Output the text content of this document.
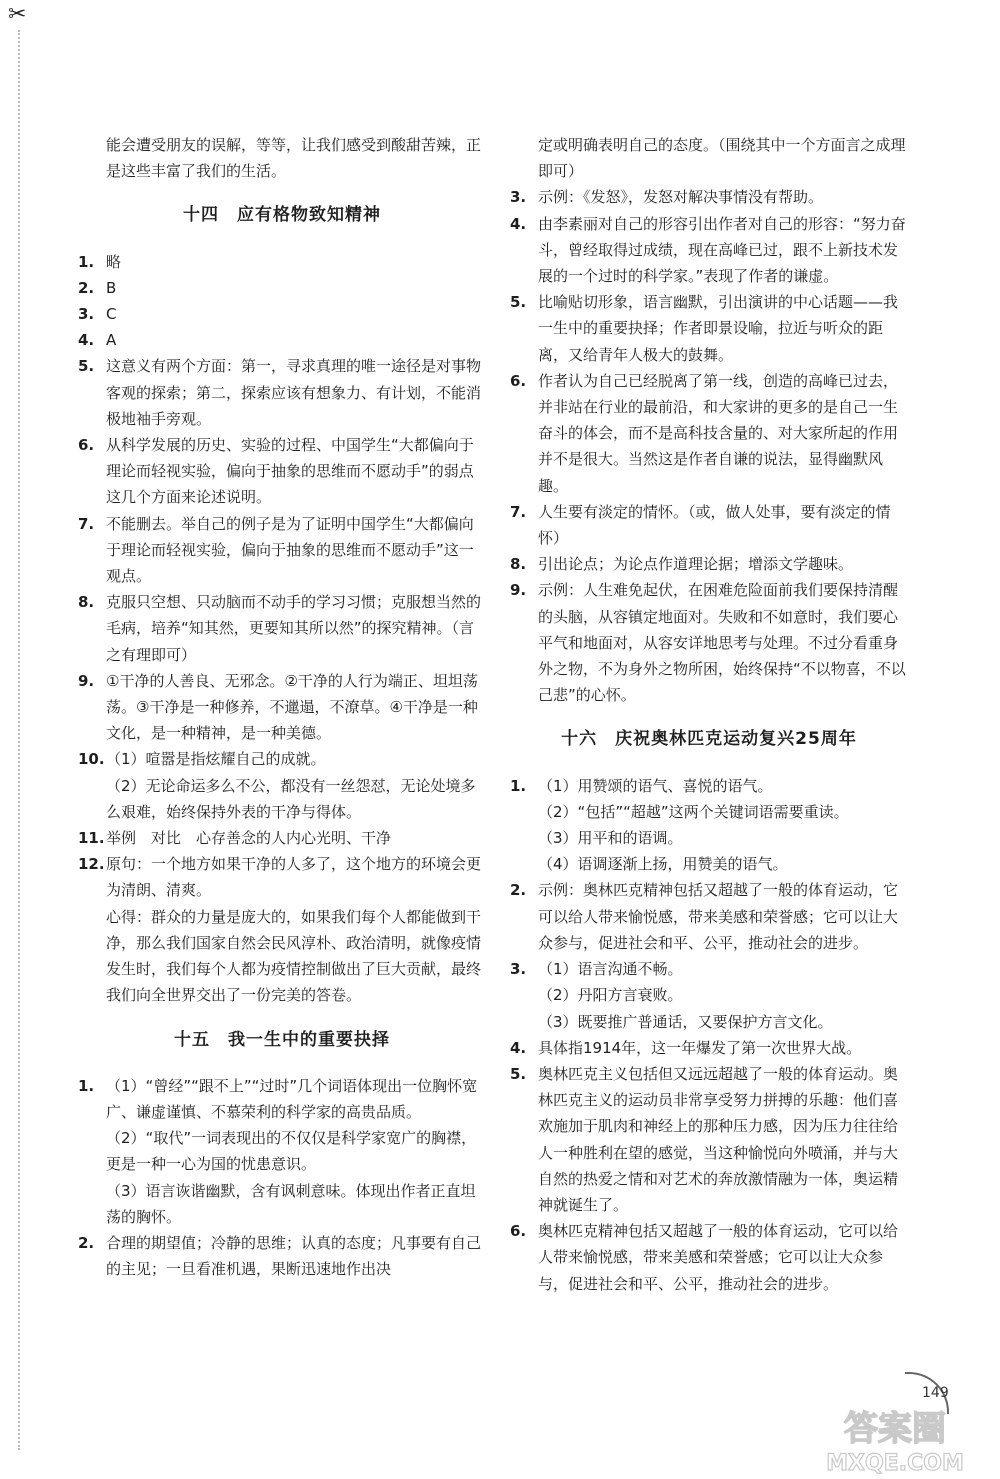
✂

能会遭受朋友的误解，等等，让我们感受到酸甜苦辣，正是这些丰富了我们的生活。

十四　应有格物致知精神
1. 略
2. B
3. C
4. A
5. 这意义有两个方面：第一，寻求真理的唯一途径是对事物客观的探索；第二，探索应该有想象力、有计划，不能消极地袖手旁观。
6. 从科学发展的历史、实验的过程、中国学生“大都偏向于理论而轻视实验，偏向于抽象的思维而不愿动手”的弱点这几个方面来论述说明。
7. 不能删去。举自己的例子是为了证明中国学生“大都偏向于理论而轻视实验，偏向于抽象的思维而不愿动手”这一观点。
8. 克服只空想、只动脑而不动手的学习习惯；克服想当然的毛病，培养“知其然，更要知其所以然”的探究精神。（言之有理即可）
9. ①干净的人善良、无邪念。②干净的人行为端正、坦坦荡荡。③干净是一种修养，不邋遢，不潦草。④干净是一种文化，是一种精神，是一种美德。
10. （1）喧嚣是指炫耀自己的成就。
（2）无论命运多么不公，都没有一丝怨怼，无论处境多么艰难，始终保持外表的干净与得体。
11. 举例　对比　心存善念的人内心光明、干净
12. 原句：一个地方如果干净的人多了，这个地方的环境会更为清朗、清爽。
心得：群众的力量是庞大的，如果我们每个人都能做到干净，那么我们国家自然会民风淳朴、政治清明，就像疫情发生时，我们每个人都为疫情控制做出了巨大贡献，最终我们向全世界交出了一份完美的答卷。
十五　我一生中的重要抉择
1. （1）“曾经”“跟不上”“过时”几个词语体现出一位胸怀宽广、谦虚谨慎、不慕荣利的科学家的高贵品质。
（2）“取代”一词表现出的不仅仅是科学家宽广的胸襟，更是一种一心为国的忧患意识。
（3）语言诙谐幽默，含有讽刺意味。体现出作者正直坦荡的胸怀。
2. 合理的期望值；冷静的思维；认真的态度；凡事要有自己的主见；一旦看准机遇，果断迅速地作出决

定或明确表明自己的态度。（围绕其中一个方面言之成理即可）

3. 示例：《发怒》，发怒对解决事情没有帮助。
4. 由李素丽对自己的形容引出作者对自己的形容：“努力奋斗，曾经取得过成绩，现在高峰已过，跟不上新技术发展的一个过时的科学家。”表现了作者的谦虚。
5. 比喻贴切形象，语言幽默，引出演讲的中心话题——我一生中的重要抉择；作者即景设喻，拉近与听众的距离，又给青年人极大的鼓舞。
6. 作者认为自己已经脱离了第一线，创造的高峰已过去，并非站在行业的最前沿，和大家讲的更多的是自己一生奋斗的体会，而不是高科技含量的、对大家所起的作用并不是很大。当然这是作者自谦的说法，显得幽默风趣。
7. 人生要有淡定的情怀。（或，做人处事，要有淡定的情怀）
8. 引出论点；为论点作道理论据；增添文学趣味。
9. 示例：人生难免起伏，在困难危险面前我们要保持清醒的头脑，从容镇定地面对。失败和不如意时，我们要心平气和地面对，从容安详地思考与处理。不过分看重身外之物，不为身外之物所困，始终保持“不以物喜，不以己悲”的心怀。
十六　庆祝奥林匹克运动复兴25周年
1. （1）用赞颂的语气、喜悦的语气。
（2）“包括”“超越”这两个关键词语需要重读。
（3）用平和的语调。
（4）语调逐渐上扬，用赞美的语气。
2. 示例：奥林匹克精神包括又超越了一般的体育运动，它可以给人带来愉悦感，带来美感和荣誉感；它可以让大众参与，促进社会和平、公平，推动社会的进步。
3. （1）语言沟通不畅。
（2）丹阳方言衰败。
（3）既要推广普通话，又要保护方言文化。
4. 具体指1914年，这一年爆发了第一次世界大战。
5. 奥林匹克主义包括但又远远超越了一般的体育运动。奥林匹克主义的运动员非常享受努力拼搏的乐趣：他们喜欢施加于肌肉和神经上的那种压力感，因为压力往往给人一种胜利在望的感觉，当这种愉悦向外喷涌，并与大自然的热爱之情和对艺术的奔放激情融为一体，奥运精神就诞生了。
6. 奥林匹克精神包括又超越了一般的体育运动，它可以给人带来愉悦感，带来美感和荣誉感；它可以让大众参与，促进社会和平、公平，推动社会的进步。
149
答案圈
MXQE.COM
